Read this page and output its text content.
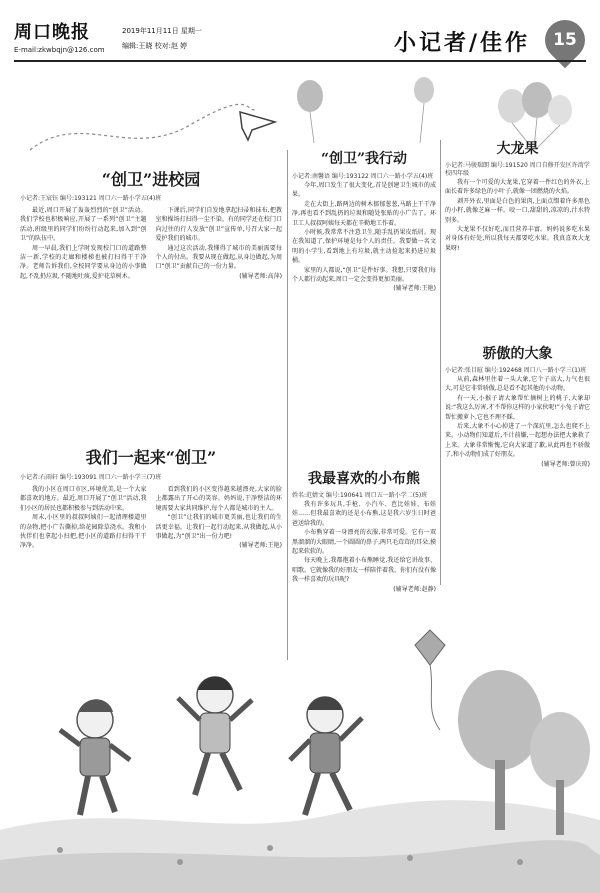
周口晚报
E-mail:zkwbqjn@126.com
2019年11月11日 星期一
编辑:王晓 校对:赵 婷	小记者/佳作	15
“创卫”进校园
小记者:王宸钰 编号:193121 周口六一路小学五(4)班

最近,周口开展了轰轰烈烈的“创卫”活动。我们学校也积极响应,开展了一系列“创卫”主题活动,班级里的同学们纷纷行动起来,加入到“创卫”的队伍中。

周一早晨,我们上学时发现校门口的道路整洁一新,学校的走廊和楼梯也被打扫得干干净净。老师告诉我们,全校同学要从身边的小事做起,不乱扔垃圾,不随地吐痰,爱护花草树木。

下课后,同学们自发地拿起扫帚和抹布,把教室和操场打扫得一尘不染。有的同学还在校门口向过往的行人发放“创卫”宣传单,号召大家一起爱护我们的城市。

通过这次活动,我懂得了城市的美丽需要每个人的付出。我要从现在做起,从身边做起,为周口“创卫”贡献自己的一份力量。

(辅导老师:高萍)
我们一起来“创卫”
小记者:石雨轩 编号:193091 周口六一路小学三(7)班

我的小区在周口市区,环境优美,是一个大家都喜欢的地方。最近,周口开展了“创卫”活动,我们小区的居民也都积极参与到活动中来。

周末,小区里的叔叔阿姨们一起清理楼道里的杂物,把小广告撕掉,给花园除草浇水。我和小伙伴们也拿起小扫把,把小区的道路打扫得干干净净。

看到我们的小区变得越来越漂亮,大家的脸上都露出了开心的笑容。妈妈说,干净整洁的环境需要大家共同维护,每个人都是城市的主人。

“创卫”让我们的城市更美丽,也让我们的生活更幸福。让我们一起行动起来,从我做起,从小事做起,为“创卫”出一份力吧!

(辅导老师:王艳)
“创卫”我行动
小记者:南馨语 编号:193122 周口六一路小学五(4)班

今年,周口发生了很大变化,首是创建卫生城市的成果。

走在大街上,路两边的树木郁郁葱葱,马路上干干净净,再也看不到乱扔的垃圾和随处张贴的小广告了。环卫工人叔叔阿姨每天都在辛勤地工作着。

小时候,我常常不注意卫生,随手乱扔果皮纸屑。现在我知道了,保护环境是每个人的责任。我要做一名文明的小学生,看到地上有垃圾,就主动捡起来扔进垃圾桶。

家里的人都说,“创卫”是件好事。我想,只要我们每个人都行动起来,周口一定会变得更加美丽。

(辅导老师:王艳)
我最喜欢的小布熊
姓名:范婧文 编号:190641 周口五一路小学二(5)班

我有许多玩具,手枪、小汽车、芭比娃娃、布娃娃……但我最喜欢的还是小布熊,这是我六岁生日时爸爸送给我的。

小布熊穿着一身漂亮的衣服,非常可爱。它有一双黑溜溜的大眼睛,一个圆圆的鼻子,两只毛茸茸的耳朵,摸起来软软的。

每天晚上,我都抱着小布熊睡觉,我还给它讲故事、唱歌。它就像我的好朋友一样陪伴着我。你们有没有像我一样喜欢的玩具呢?

(辅导老师:赵静)
大龙果
小记者:马骏瑞朗 编号:191520 周口自修开发区许湾学校四年级

我有一个可爱的大龙果,它穿着一件红色的外衣,上面长着许多绿色的小叶子,就像一团燃烧的火焰。

剥开外衣,里面是白色的果肉,上面点缀着许多黑色的小籽,就像芝麻一样。咬一口,甜甜的,凉凉的,汁水特别多。

大龙果不仅好吃,而且营养丰富。妈妈说多吃水果对身体有好处,所以我每天都要吃水果。我真喜欢大龙果呀!

骄傲的大象
小记者:张目暄 编号:192468 周口八一路小学三(1)班

从前,森林里住着一头大象,它个子高大,力气也很大,可是它非常骄傲,总是看不起其他的小动物。

有一天,小猴子请大象帮忙摘树上的桃子,大象却说:“我这么厉害,才不帮你这样的小家伙呢!”小兔子请它帮忙搬萝卜,它也不理不睬。

后来,大象不小心掉进了一个深坑里,怎么也爬不上来。小动物们知道后,不计前嫌,一起想办法把大象救了上来。大象非常惭愧,它向大家道了歉,从此再也不骄傲了,和小动物们成了好朋友。

(辅导老师:曾庆琼)
